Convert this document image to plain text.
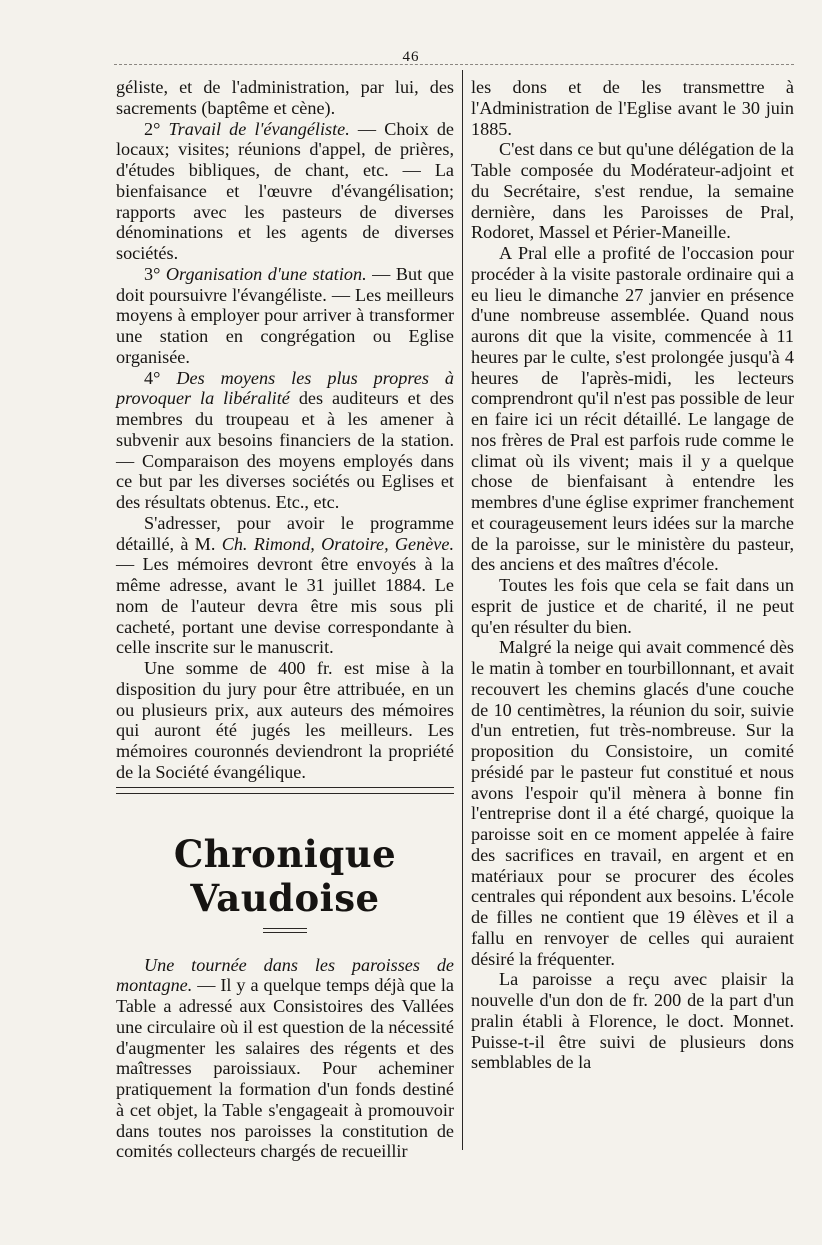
46

géliste, et de l'administration, par lui, des sacrements (baptême et cène).

2° Travail de l'évangéliste. — Choix de locaux; visites; réunions d'appel, de prières, d'études bibliques, de chant, etc. — La bienfaisance et l'œuvre d'évangélisation; rapports avec les pasteurs de diverses dénominations et les agents de diverses sociétés.

3° Organisation d'une station. — But que doit poursuivre l'évangéliste. — Les meilleurs moyens à employer pour arriver à transformer une station en congrégation ou Eglise organisée.

4° Des moyens les plus propres à provoquer la libéralité des auditeurs et des membres du troupeau et à les amener à subvenir aux besoins financiers de la station. — Comparaison des moyens employés dans ce but par les diverses sociétés ou Eglises et des résultats obtenus. Etc., etc.

S'adresser, pour avoir le programme détaillé, à M. Ch. Rimond, Oratoire, Genève. — Les mémoires devront être envoyés à la même adresse, avant le 31 juillet 1884. Le nom de l'auteur devra être mis sous pli cacheté, portant une devise correspondante à celle inscrite sur le manuscrit.

Une somme de 400 fr. est mise à la disposition du jury pour être attribuée, en un ou plusieurs prix, aux auteurs des mémoires qui auront été jugés les meilleurs. Les mémoires couronnés deviendront la propriété de la Société évangélique.

Chronique Vaudoise

Une tournée dans les paroisses de montagne. — Il y a quelque temps déjà que la Table a adressé aux Consistoires des Vallées une circulaire où il est question de la nécessité d'augmenter les salaires des régents et des maîtresses paroissiaux. Pour acheminer pratiquement la formation d'un fonds destiné à cet objet, la Table s'engageait à promouvoir dans toutes nos paroisses la constitution de comités collecteurs chargés de recueillir

les dons et de les transmettre à l'Administration de l'Eglise avant le 30 juin 1885.

C'est dans ce but qu'une délégation de la Table composée du Modérateur-adjoint et du Secrétaire, s'est rendue, la semaine dernière, dans les Paroisses de Pral, Rodoret, Massel et Périer-Maneille.

A Pral elle a profité de l'occasion pour procéder à la visite pastorale ordinaire qui a eu lieu le dimanche 27 janvier en présence d'une nombreuse assemblée. Quand nous aurons dit que la visite, commencée à 11 heures par le culte, s'est prolongée jusqu'à 4 heures de l'après-midi, les lecteurs comprendront qu'il n'est pas possible de leur en faire ici un récit détaillé. Le langage de nos frères de Pral est parfois rude comme le climat où ils vivent; mais il y a quelque chose de bienfaisant à entendre les membres d'une église exprimer franchement et courageusement leurs idées sur la marche de la paroisse, sur le ministère du pasteur, des anciens et des maîtres d'école.

Toutes les fois que cela se fait dans un esprit de justice et de charité, il ne peut qu'en résulter du bien.

Malgré la neige qui avait commencé dès le matin à tomber en tourbillonnant, et avait recouvert les chemins glacés d'une couche de 10 centimètres, la réunion du soir, suivie d'un entretien, fut très-nombreuse. Sur la proposition du Consistoire, un comité présidé par le pasteur fut constitué et nous avons l'espoir qu'il mènera à bonne fin l'entreprise dont il a été chargé, quoique la paroisse soit en ce moment appelée à faire des sacrifices en travail, en argent et en matériaux pour se procurer des écoles centrales qui répondent aux besoins. L'école de filles ne contient que 19 élèves et il a fallu en renvoyer de celles qui auraient désiré la fréquenter.

La paroisse a reçu avec plaisir la nouvelle d'un don de fr. 200 de la part d'un pralin établi à Florence, le doct. Monnet. Puisse-t-il être suivi de plusieurs dons semblables de la
